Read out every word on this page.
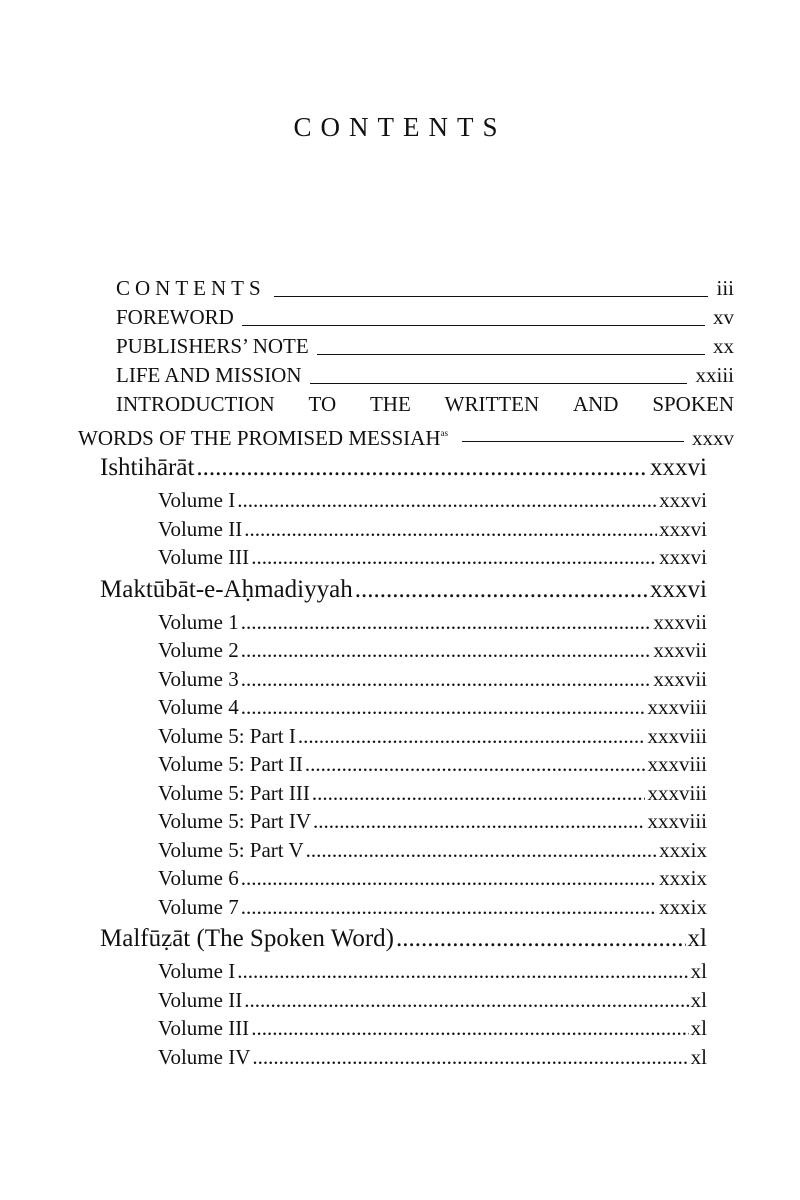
CONTENTS
CONTENTS	iii
FOREWORD	xv
PUBLISHERS’ NOTE	xx
LIFE AND MISSION	xxiii
INTRODUCTION TO THE WRITTEN AND SPOKEN
WORDS OF THE PROMISED $MESSIAH^{as}$	xxxv
Ishtihārāt .....	xxxvi
Volume I .....	xxxvi
Volume II .....	xxxvi
Volume III .....	xxxvi
Maktūbāt-e-Aḥmadiyyah .....	xxxvi
Volume 1 .....	xxxvii
Volume 2 .....	xxxvii
Volume 3 .....	xxxvii
Volume 4 .....	xxxviii
Volume 5: Part I .....	xxxviii
Volume 5: Part II .....	xxxviii
Volume 5: Part III .....	xxxviii
Volume 5: Part IV .....	xxxviii
Volume 5: Part V .....	xxxix
Volume 6 .....	xxxix
Volume 7 .....	xxxix
Malfūẓāt (The Spoken Word) .....	xl
Volume I .....	xl
Volume II .....	xl
Volume III .....	xl
Volume IV .....	xl
